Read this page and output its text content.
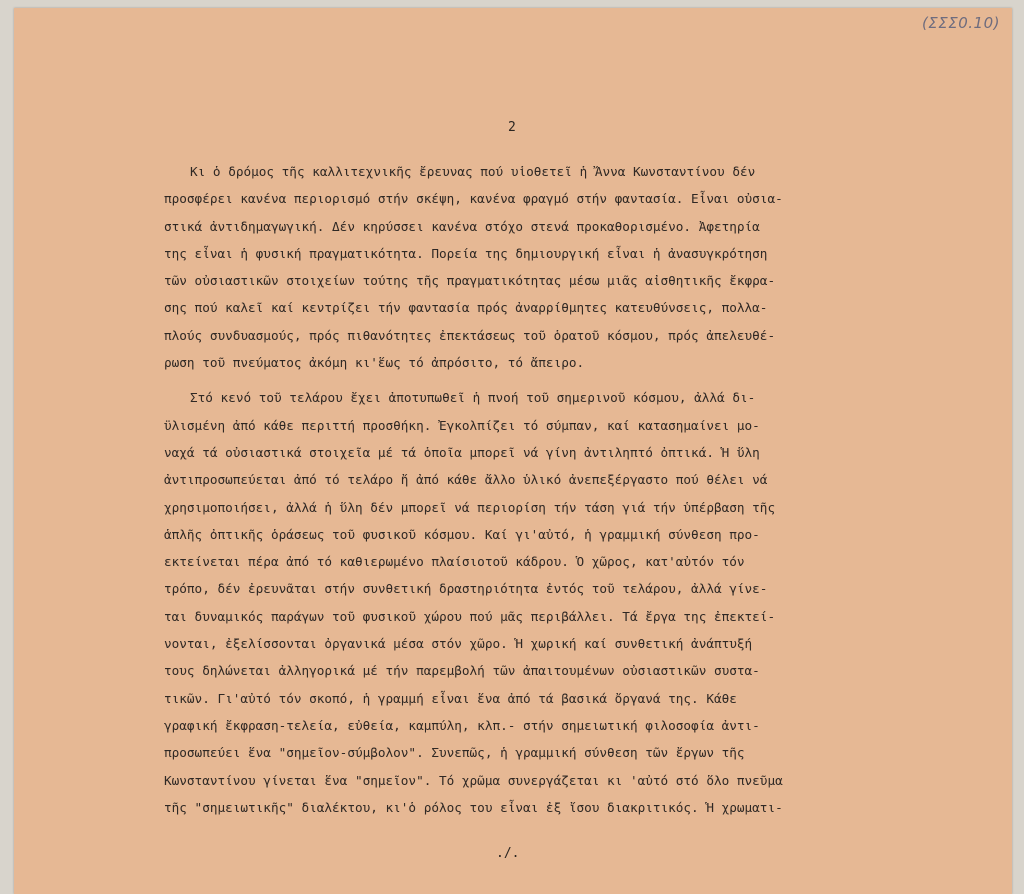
(ΣΣΣ0.10)
2
Κι ὁ δρόμος τῆς καλλιτεχνικῆς ἔρευνας πού υἱοθετεῖ ἡ Ἄννα Κωνσταντίνου δέν
προσφέρει κανένα περιορισμό στήν σκέψη, κανένα φραγμό στήν φαντασία. Εἶναι οὐσια-
στικά ἀντιδημαγωγική. Δέν κηρύσσει κανένα στόχο στενά προκαθορισμένο. Ἀφετηρία
της εἶναι ἡ φυσική πραγματικότητα. Πορεία της δημιουργική εἶναι ἡ ἀνασυγκρότηση
τῶν οὐσιαστικῶν στοιχείων τούτης τῆς πραγματικότητας μέσω μιᾶς αἰσθητικῆς ἔκφρα-
σης πού καλεῖ καί κεντρίζει τήν φαντασία πρός ἀναρρίθμητες κατευθύνσεις, πολλα-
πλούς συνδυασμούς, πρός πιθανότητες ἐπεκτάσεως τοῦ ὁρατοῦ κόσμου, πρός ἀπελευθέ-
ρωση τοῦ πνεύματος ἀκόμη κι'ἕως τό ἀπρόσιτο, τό ἄπειρο.
Στό κενό τοῦ τελάρου ἔχει ἀποτυπωθεῖ ἡ πνοή τοῦ σημερινοῦ κόσμου, ἀλλά δι-
ϋλισμένη ἀπό κάθε περιττή προσθήκη. Ἐγκολπίζει τό σύμπαν, καί κατασημαίνει μο-
ναχά τά οὐσιαστικά στοιχεῖα μέ τά ὁποῖα μπορεῖ νά γίνη ἀντιληπτό ὀπτικά. Ἡ ὕλη
ἀντιπροσωπεύεται ἀπό τό τελάρο ἤ ἀπό κάθε ἄλλο ὑλικό ἀνεπεξέργαστο πού θέλει νά
χρησιμοποιήσει, ἀλλά ἡ ὕλη δέν μπορεῖ νά περιορίση τήν τάση γιά τήν ὑπέρβαση τῆς
ἁπλῆς ὀπτικῆς ὁράσεως τοῦ φυσικοῦ κόσμου. Καί γι'αὐτό, ἡ γραμμική σύνθεση προ-
εκτείνεται πέρα ἀπό τό καθιερωμένο πλαίσιοτοῦ κάδρου. Ὁ χῶρος, κατ'αὐτόν τόν
τρόπο, δέν ἐρευνᾶται στήν συνθετική δραστηριότητα ἐντός τοῦ τελάρου, ἀλλά γίνε-
ται δυναμικός παράγων τοῦ φυσικοῦ χώρου πού μᾶς περιβάλλει. Τά ἔργα της ἐπεκτεί-
νονται, ἐξελίσσονται ὀργανικά μέσα στόν χῶρο. Ἡ χωρική καί συνθετική ἀνάπτυξή
τους δηλώνεται ἀλληγορικά μέ τήν παρεμβολή τῶν ἀπαιτουμένων οὐσιαστικῶν συστα-
τικῶν. Γι'αὐτό τόν σκοπό, ἡ γραμμή εἶναι ἕνα ἀπό τά βασικά ὄργανά της. Κάθε
γραφική ἔκφραση-τελεία, εὐθεία, καμπύλη, κλπ.- στήν σημειωτική φιλοσοφία ἀντι-
προσωπεύει ἕνα "σημεῖον-σύμβολον". Συνεπῶς, ἡ γραμμική σύνθεση τῶν ἔργων τῆς
Κωνσταντίνου γίνεται ἕνα "σημεῖον". Τό χρῶμα συνεργάζεται κι 'αὐτό στό ὅλο πνεῦμα
τῆς "σημειωτικῆς" διαλέκτου, κι'ὁ ρόλος του εἶναι ἐξ ἴσου διακριτικός. Ἡ χρωματι-
./.
